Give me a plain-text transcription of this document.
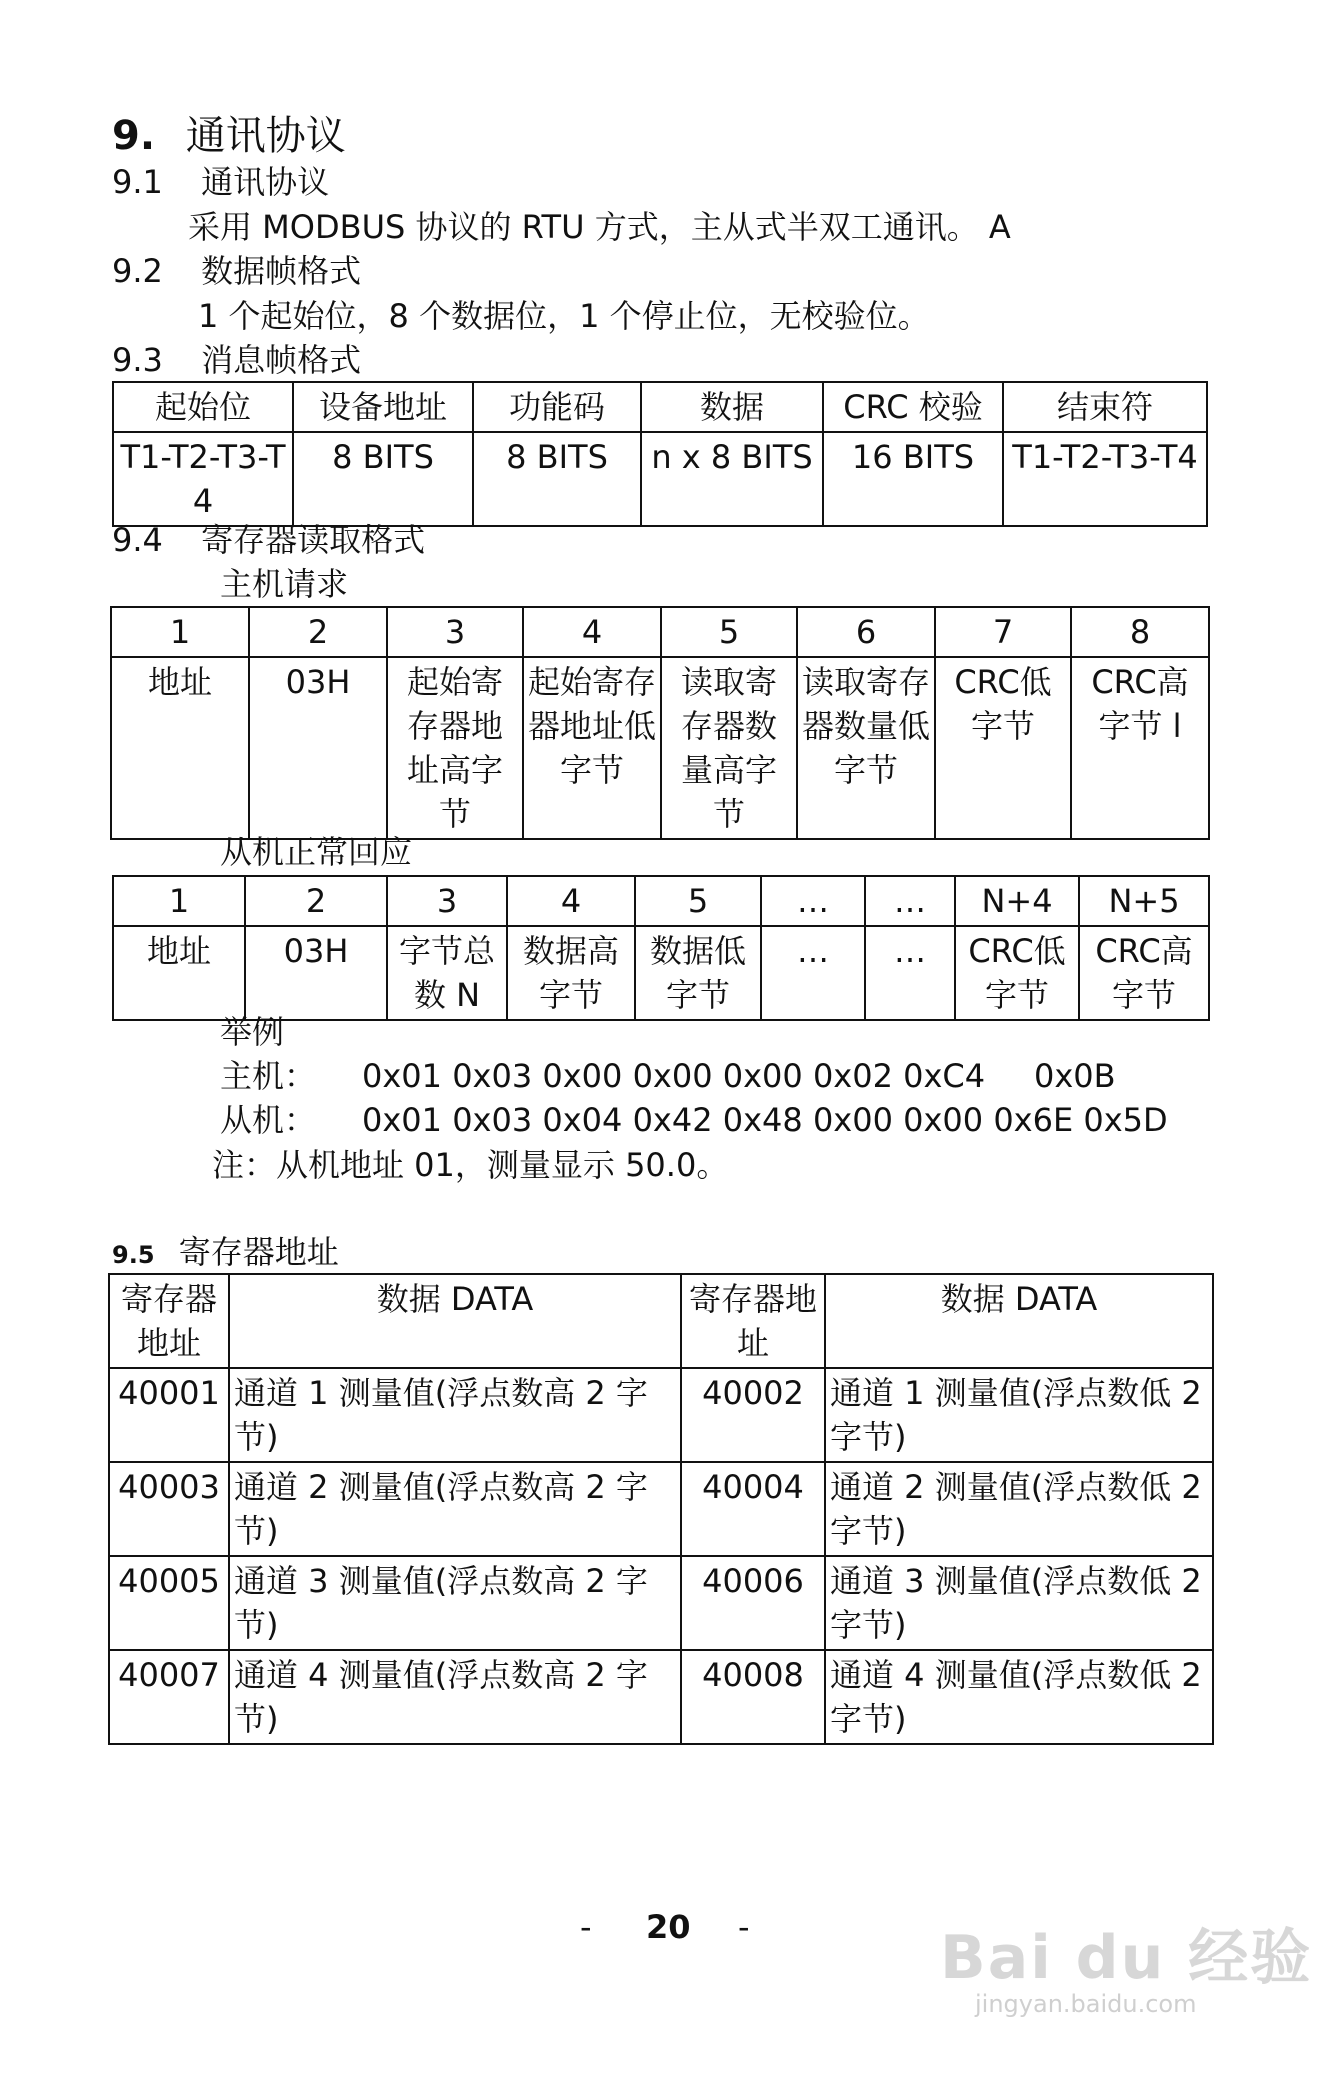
9. 通讯协议
9.1 通讯协议
采用 MODBUS 协议的 RTU 方式，主从式半双工通讯。 A
9.2 数据帧格式
1 个起始位，8 个数据位，1 个停止位，无校验位。
9.3 消息帧格式
起始位	设备地址	功能码	数据	CRC 校验	结束符
T1-T2-T3-T4	8 BITS	8 BITS	n x 8 BITS	16 BITS	T1-T2-T3-T4
9.4 寄存器读取格式
主机请求
1	2	3	4	5	6	7	8
地址	03H	起始寄存器地址高字节	起始寄存器地址低字节	读取寄存器数量高字节	读取寄存器数量低字节	CRC低字节	CRC高字节 l
从机正常回应
1	2	3	4	5	…	…	N+4	N+5
地址	03H	字节总数 N	数据高字节	数据低字节	…	…	CRC低字节	CRC高字节
举例
主机： 0x01 0x03 0x00 0x00 0x00 0x02 0xC4 0x0B
从机： 0x01 0x03 0x04 0x42 0x48 0x00 0x00 0x6E 0x5D
注：从机地址 01，测量显示 50.0。
9.5 寄存器地址
寄存器地址	数据 DATA	寄存器地址	数据 DATA
40001	通道 1 测量值(浮点数高 2 字节)	40002	通道 1 测量值(浮点数低 2 字节)
40003	通道 2 测量值(浮点数高 2 字节)	40004	通道 2 测量值(浮点数低 2 字节)
40005	通道 3 测量值(浮点数高 2 字节)	40006	通道 3 测量值(浮点数低 2 字节)
40007	通道 4 测量值(浮点数高 2 字节)	40008	通道 4 测量值(浮点数低 2 字节)
- 20 -	Bai du 经验
jingyan.baidu.com
